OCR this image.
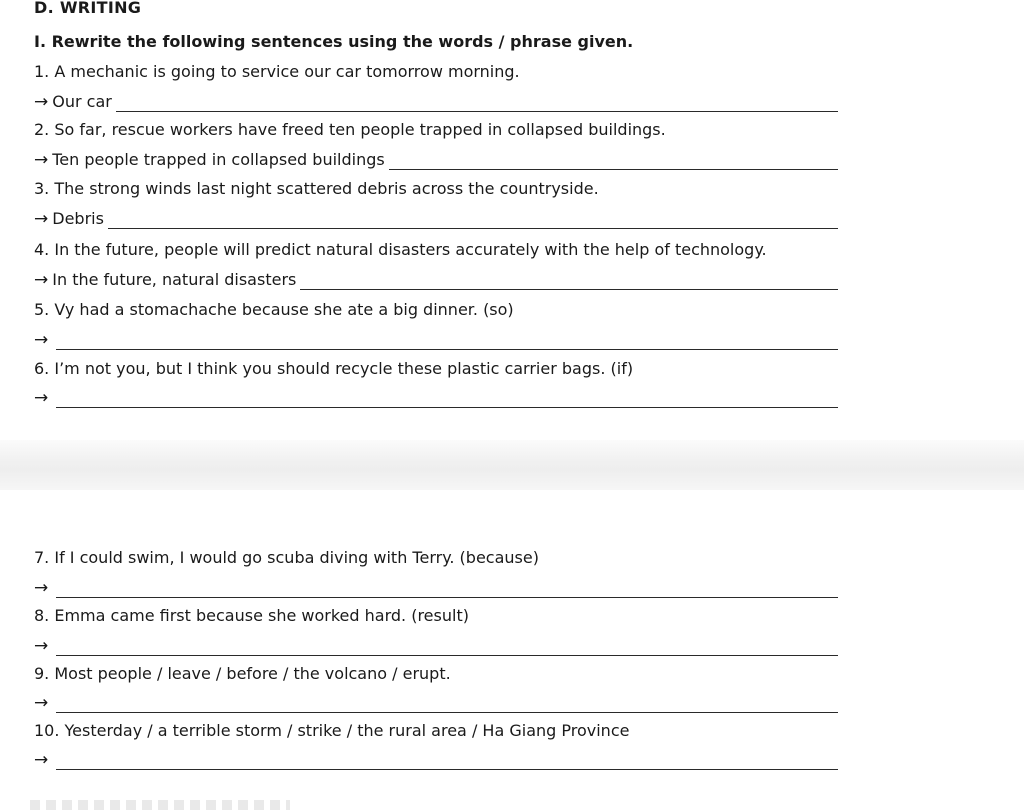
D. WRITING
I. Rewrite the following sentences using the words / phrase given.
1. A mechanic is going to service our car tomorrow morning.
→ Our car
2. So far, rescue workers have freed ten people trapped in collapsed buildings.
→ Ten people trapped in collapsed buildings
3. The strong winds last night scattered debris across the countryside.
→ Debris
4. In the future, people will predict natural disasters accurately with the help of technology.
→ In the future, natural disasters
5. Vy had a stomachache because she ate a big dinner. (so)
→
6. I’m not you, but I think you should recycle these plastic carrier bags. (if)
→
7. If I could swim, I would go scuba diving with Terry. (because)
→
8. Emma came first because she worked hard. (result)
→
9. Most people / leave / before / the volcano / erupt.
→
10. Yesterday / a terrible storm / strike / the rural area / Ha Giang Province
→
